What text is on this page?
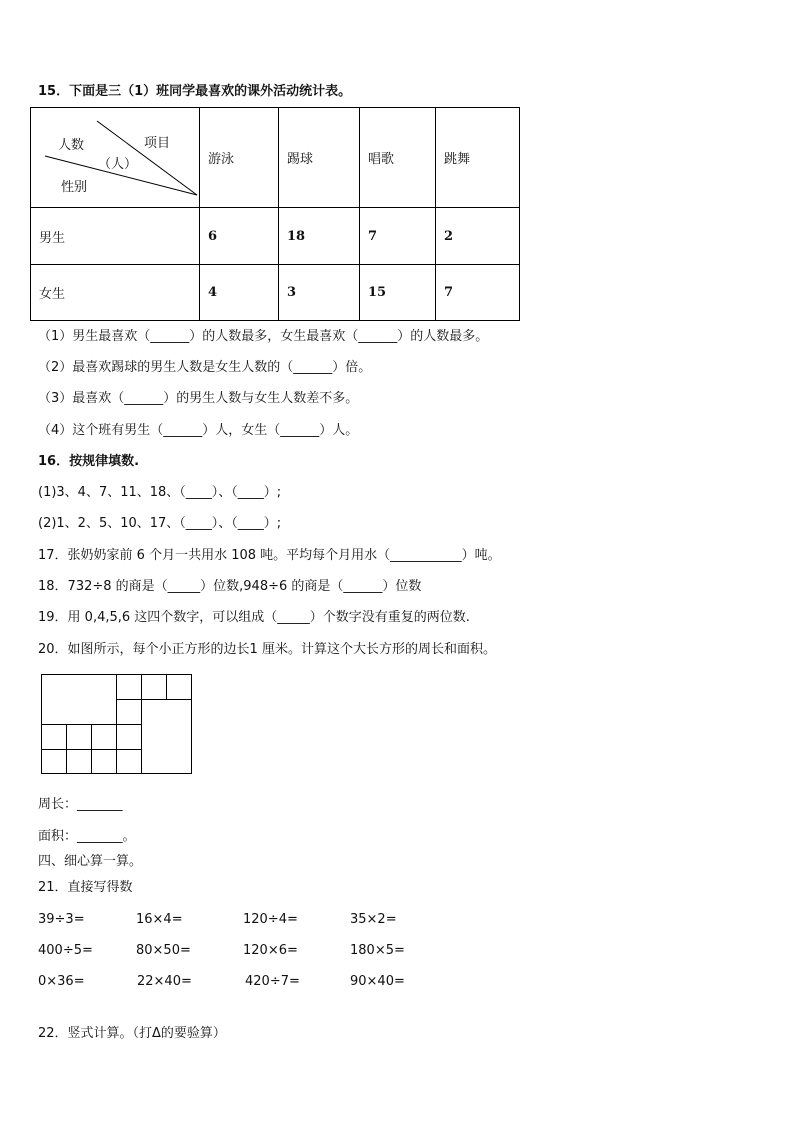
15．下面是三（1）班同学最喜欢的课外活动统计表。
项目
人数
（人）
性别	游泳	踢球	唱歌	跳舞
男生	6	18	7	2
女生	4	3	15	7
（1）男生最喜欢（______）的人数最多，女生最喜欢（______）的人数最多。
（2）最喜欢踢球的男生人数是女生人数的（______）倍。
（3）最喜欢（______）的男生人数与女生人数差不多。
（4）这个班有男生（______）人，女生（______）人。
16．按规律填数.
(1)3、4、7、11、18、（____）、（____）;
(2)1、2、5、10、17、（____）、（____）;
17．张奶奶家前 6 个月一共用水 108 吨。平均每个月用水（___________）吨。
18．732÷8 的商是（_____）位数,948÷6 的商是（______）位数
19．用 0,4,5,6 这四个数字，可以组成（_____）个数字没有重复的两位数.
20．如图所示，每个小正方形的边长1 厘米。计算这个大长方形的周长和面积。
周长：_______
面积：_______。
四、细心算一算。
21．直接写得数
39÷3=	16×4=	120÷4=	35×2=
400÷5=	80×50=	120×6=	180×5=
0×36=	22×40=	420÷7=	90×40=
22．竖式计算。（打Δ的要验算）
